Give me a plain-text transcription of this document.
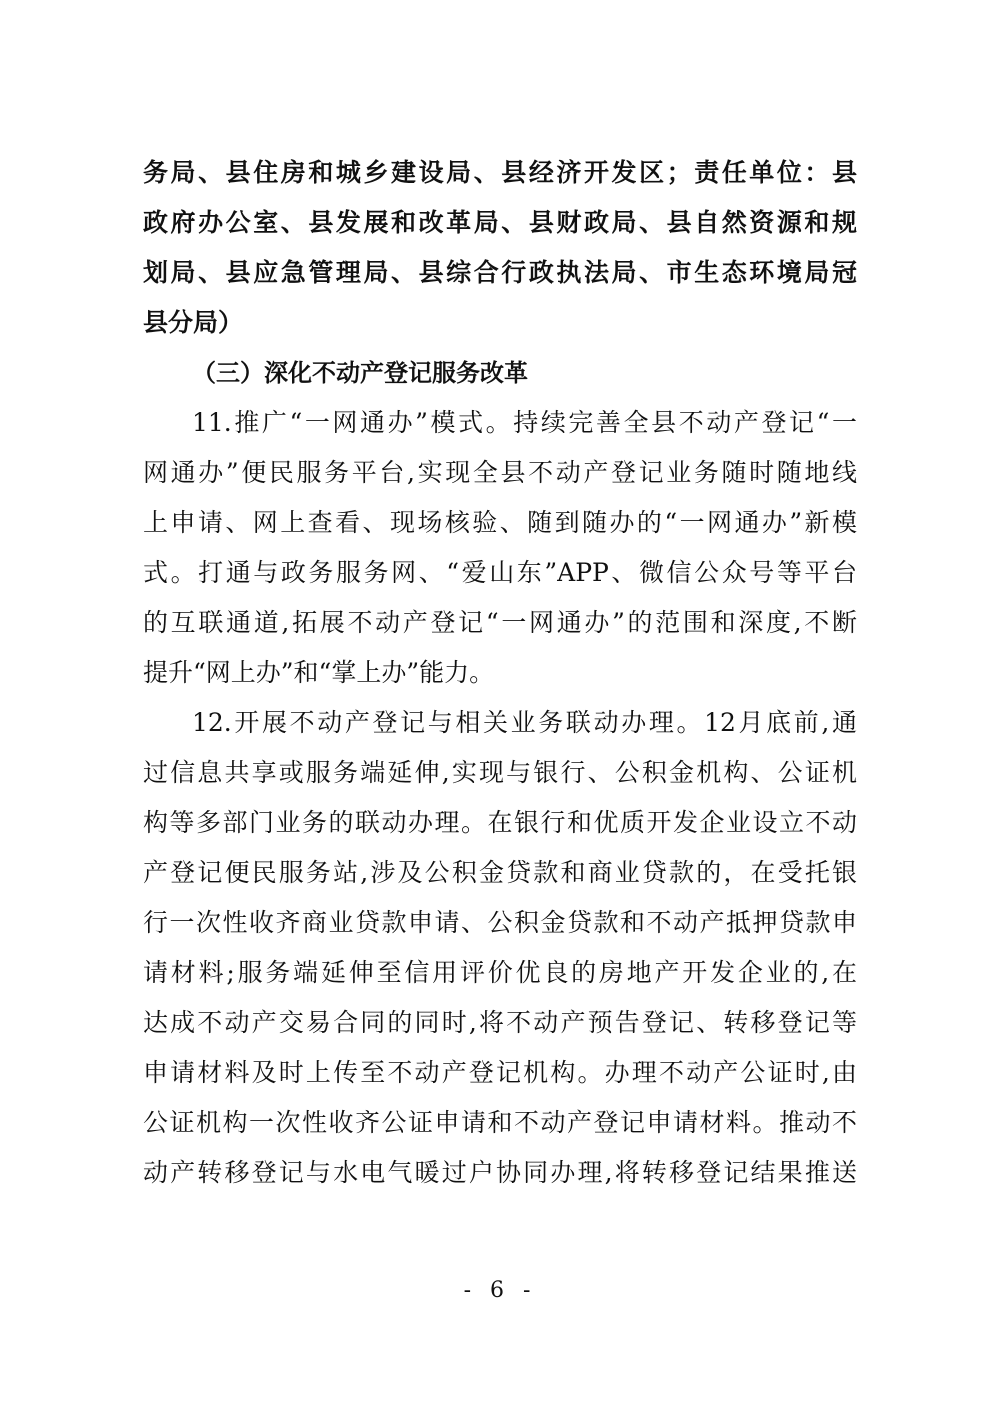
务局、县住房和城乡建设局、县经济开发区；责任单位：县
政府办公室、县发展和改革局、县财政局、县自然资源和规
划局、县应急管理局、县综合行政执法局、市生态环境局冠
县分局）
（三）深化不动产登记服务改革
11.推广“一网通办”模式。持续完善全县不动产登记“一
网通办”便民服务平台,实现全县不动产登记业务随时随地线
上申请、网上查看、现场核验、随到随办的“一网通办”新模
式。打通与政务服务网、“爱山东”APP、微信公众号等平台
的互联通道,拓展不动产登记“一网通办”的范围和深度,不断
提升“网上办”和“掌上办”能力。
12.开展不动产登记与相关业务联动办理。12月底前,通
过信息共享或服务端延伸,实现与银行、公积金机构、公证机
构等多部门业务的联动办理。在银行和优质开发企业设立不动
产登记便民服务站,涉及公积金贷款和商业贷款的，在受托银
行一次性收齐商业贷款申请、公积金贷款和不动产抵押贷款申
请材料;服务端延伸至信用评价优良的房地产开发企业的,在
达成不动产交易合同的同时,将不动产预告登记、转移登记等
申请材料及时上传至不动产登记机构。办理不动产公证时,由
公证机构一次性收齐公证申请和不动产登记申请材料。推动不
动产转移登记与水电气暖过户协同办理,将转移登记结果推送
- 6 -
